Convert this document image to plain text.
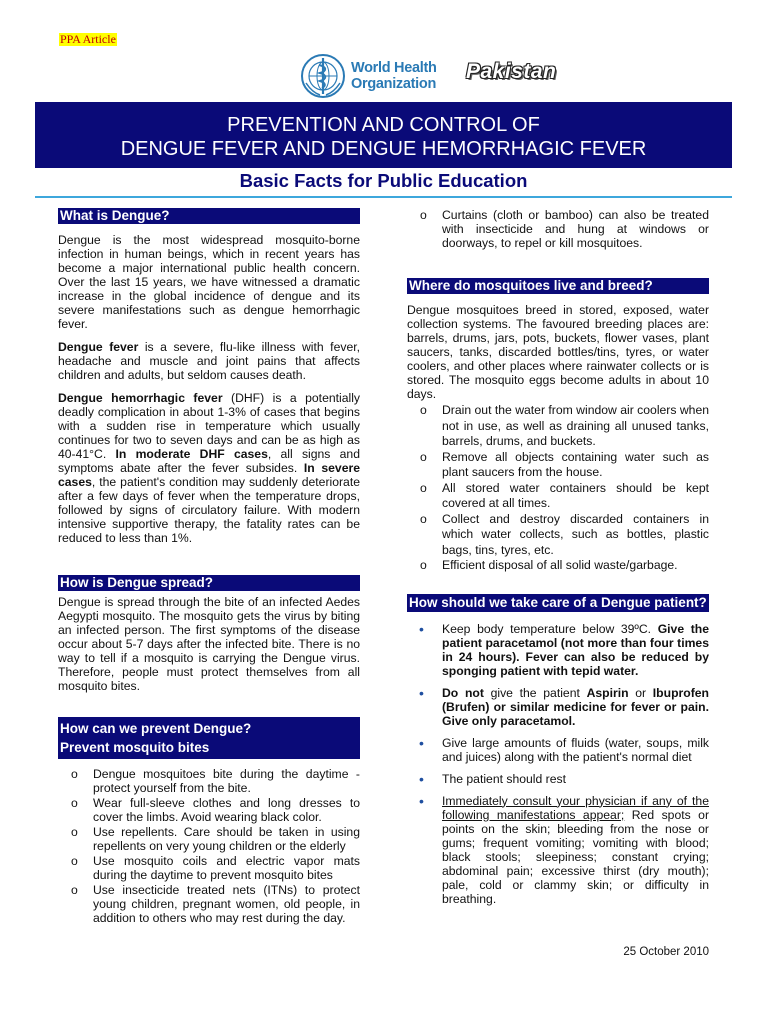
PPA Article
World Health
Organization
Pakistan
PREVENTION AND CONTROL OF
DENGUE FEVER AND DENGUE HEMORRHAGIC FEVER
Basic Facts for Public Education
What is Dengue?

Dengue is the most widespread mosquito-borne infection in human beings, which in recent years has become a major international public health concern. Over the last 15 years, we have witnessed a dramatic increase in the global incidence of dengue and its severe manifestations such as dengue hemorrhagic fever.

Dengue fever is a severe, flu-like illness with fever, headache and muscle and joint pains that affects children and adults, but seldom causes death.

Dengue hemorrhagic fever (DHF) is a potentially deadly complication in about 1-3% of cases that begins with a sudden rise in temperature which usually continues for two to seven days and can be as high as 40-41°C. In moderate DHF cases, all signs and symptoms abate after the fever subsides. In severe cases, the patient's condition may suddenly deteriorate after a few days of fever when the temperature drops, followed by signs of circulatory failure. With modern intensive supportive therapy, the fatality rates can be reduced to less than 1%.

How is Dengue spread?

Dengue is spread through the bite of an infected Aedes Aegypti mosquito. The mosquito gets the virus by biting an infected person. The first symptoms of the disease occur about 5-7 days after the infected bite. There is no way to tell if a mosquito is carrying the Dengue virus. Therefore, people must protect themselves from all mosquito bites.

How can we prevent Dengue?
Prevent mosquito bites
o Dengue mosquitoes bite during the daytime - protect yourself from the bite.
o Wear full-sleeve clothes and long dresses to cover the limbs. Avoid wearing black color.
o Use repellents. Care should be taken in using repellents on very young children or the elderly
o Use mosquito coils and electric vapor mats during the daytime to prevent mosquito bites
o Use insecticide treated nets (ITNs) to protect young children, pregnant women, old people, in addition to others who may rest during the day.
o Curtains (cloth or bamboo) can also be treated with insecticide and hung at windows or doorways, to repel or kill mosquitoes.
Where do mosquitoes live and breed?

Dengue mosquitoes breed in stored, exposed, water collection systems. The favoured breeding places are: barrels, drums, jars, pots, buckets, flower vases, plant saucers, tanks, discarded bottles/tins, tyres, or water coolers, and other places where rainwater collects or is stored. The mosquito eggs become adults in about 10 days.

o Drain out the water from window air coolers when not in use, as well as draining all unused tanks, barrels, drums, and buckets.
o Remove all objects containing water such as plant saucers from the house.
o All stored water containers should be kept covered at all times.
o Collect and destroy discarded containers in which water collects, such as bottles, plastic bags, tins, tyres, etc.
o Efficient disposal of all solid waste/garbage.
How should we take care of a Dengue patient?
• Keep body temperature below 39ºC. Give the patient paracetamol (not more than four times in 24 hours). Fever can also be reduced by sponging patient with tepid water.
• Do not give the patient Aspirin or Ibuprofen (Brufen) or similar medicine for fever or pain. Give only paracetamol.
• Give large amounts of fluids (water, soups, milk and juices) along with the patient's normal diet
• The patient should rest
• Immediately consult your physician if any of the following manifestations appear; Red spots or points on the skin; bleeding from the nose or gums; frequent vomiting; vomiting with blood; black stools; sleepiness; constant crying; abdominal pain; excessive thirst (dry mouth); pale, cold or clammy skin; or difficulty in breathing.
25 October 2010
